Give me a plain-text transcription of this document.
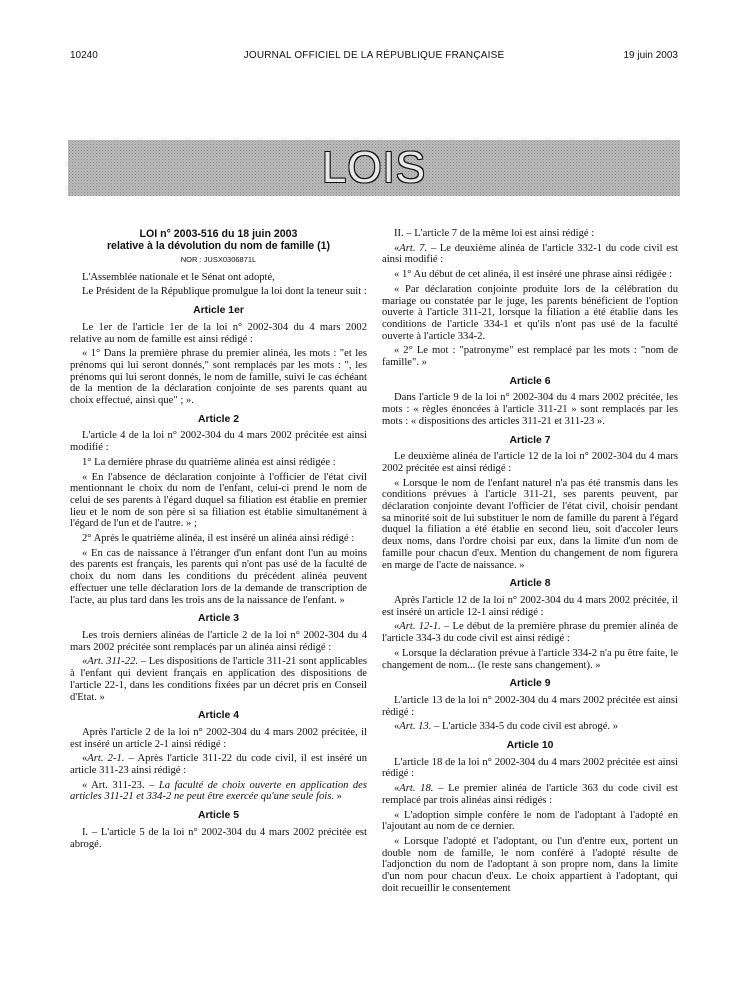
10240	JOURNAL OFFICIEL DE LA RÉPUBLIQUE FRANÇAISE	19 juin 2003
LOIS
LOI n° 2003-516 du 18 juin 2003
relative à la dévolution du nom de famille (1)
NOR : JUSX0306871L

L'Assemblée nationale et le Sénat ont adopté,

Le Président de la République promulgue la loi dont la teneur suit :

Article 1er

Le 1er de l'article 1er de la loi n° 2002-304 du 4 mars 2002 relative au nom de famille est ainsi rédigé :

« 1° Dans la première phrase du premier alinéa, les mots : "et les prénoms qui lui seront donnés," sont remplacés par les mots : ", les prénoms qui lui seront donnés, le nom de famille, suivi le cas échéant de la mention de la déclaration conjointe de ses parents quant au choix effectué, ainsi que" ; ».

Article 2

L'article 4 de la loi n° 2002-304 du 4 mars 2002 précitée est ainsi modifié :

1° La dernière phrase du quatrième alinéa est ainsi rédigée :

« En l'absence de déclaration conjointe à l'officier de l'état civil mentionnant le choix du nom de l'enfant, celui-ci prend le nom de celui de ses parents à l'égard duquel sa filiation est établie en premier lieu et le nom de son père si sa filiation est établie simultanément à l'égard de l'un et de l'autre. » ;

2° Après le quatrième alinéa, il est inséré un alinéa ainsi rédigé :

« En cas de naissance à l'étranger d'un enfant dont l'un au moins des parents est français, les parents qui n'ont pas usé de la faculté de choix du nom dans les conditions du précédent alinéa peuvent effectuer une telle déclaration lors de la demande de transcription de l'acte, au plus tard dans les trois ans de la naissance de l'enfant. »

Article 3

Les trois derniers alinéas de l'article 2 de la loi n° 2002-304 du 4 mars 2002 précitée sont remplacés par un alinéa ainsi rédigé :

«Art. 311-22. – Les dispositions de l'article 311-21 sont applicables à l'enfant qui devient français en application des dispositions de l'article 22-1, dans les conditions fixées par un décret pris en Conseil d'Etat. »

Article 4

Après l'article 2 de la loi n° 2002-304 du 4 mars 2002 précitée, il est inséré un article 2-1 ainsi rédigé :

«Art. 2-1. – Après l'article 311-22 du code civil, il est inséré un article 311-23 ainsi rédigé :

« Art. 311-23. – La faculté de choix ouverte en application des articles 311-21 et 334-2 ne peut être exercée qu'une seule fois. »

Article 5

I. – L'article 5 de la loi n° 2002-304 du 4 mars 2002 précitée est abrogé.

II. – L'article 7 de la même loi est ainsi rédigé :

«Art. 7. – Le deuxième alinéa de l'article 332-1 du code civil est ainsi modifié :

« 1° Au début de cet alinéa, il est inséré une phrase ainsi rédigée :

« Par déclaration conjointe produite lors de la célébration du mariage ou constatée par le juge, les parents bénéficient de l'option ouverte à l'article 311-21, lorsque la filiation a été établie dans les conditions de l'article 334-1 et qu'ils n'ont pas usé de la faculté ouverte à l'article 334-2.

« 2° Le mot : "patronyme" est remplacé par les mots : "nom de famille". »

Article 6

Dans l'article 9 de la loi n° 2002-304 du 4 mars 2002 précitée, les mots : « règles énoncées à l'article 311-21 » sont remplacés par les mots : « dispositions des articles 311-21 et 311-23 ».

Article 7

Le deuxième alinéa de l'article 12 de la loi n° 2002-304 du 4 mars 2002 précitée est ainsi rédigé :

« Lorsque le nom de l'enfant naturel n'a pas été transmis dans les conditions prévues à l'article 311-21, ses parents peuvent, par déclaration conjointe devant l'officier de l'état civil, choisir pendant sa minorité soit de lui substituer le nom de famille du parent à l'égard duquel la filiation a été établie en second lieu, soit d'accoler leurs deux noms, dans l'ordre choisi par eux, dans la limite d'un nom de famille pour chacun d'eux. Mention du changement de nom figurera en marge de l'acte de naissance. »

Article 8

Après l'article 12 de la loi n° 2002-304 du 4 mars 2002 précitée, il est inséré un article 12-1 ainsi rédigé :

«Art. 12-1. – Le début de la première phrase du premier alinéa de l'article 334-3 du code civil est ainsi rédigé :

« Lorsque la déclaration prévue à l'article 334-2 n'a pu être faite, le changement de nom... (le reste sans changement). »

Article 9

L'article 13 de la loi n° 2002-304 du 4 mars 2002 précitée est ainsi rédigé :

«Art. 13. – L'article 334-5 du code civil est abrogé. »

Article 10

L'article 18 de la loi n° 2002-304 du 4 mars 2002 précitée est ainsi rédigé :

«Art. 18. – Le premier alinéa de l'article 363 du code civil est remplacé par trois alinéas ainsi rédigés :

« L'adoption simple confère le nom de l'adoptant à l'adopté en l'ajoutant au nom de ce dernier.

« Lorsque l'adopté et l'adoptant, ou l'un d'entre eux, portent un double nom de famille, le nom conféré à l'adopté résulte de l'adjonction du nom de l'adoptant à son propre nom, dans la limite d'un nom pour chacun d'eux. Le choix appartient à l'adoptant, qui doit recueillir le consentement
